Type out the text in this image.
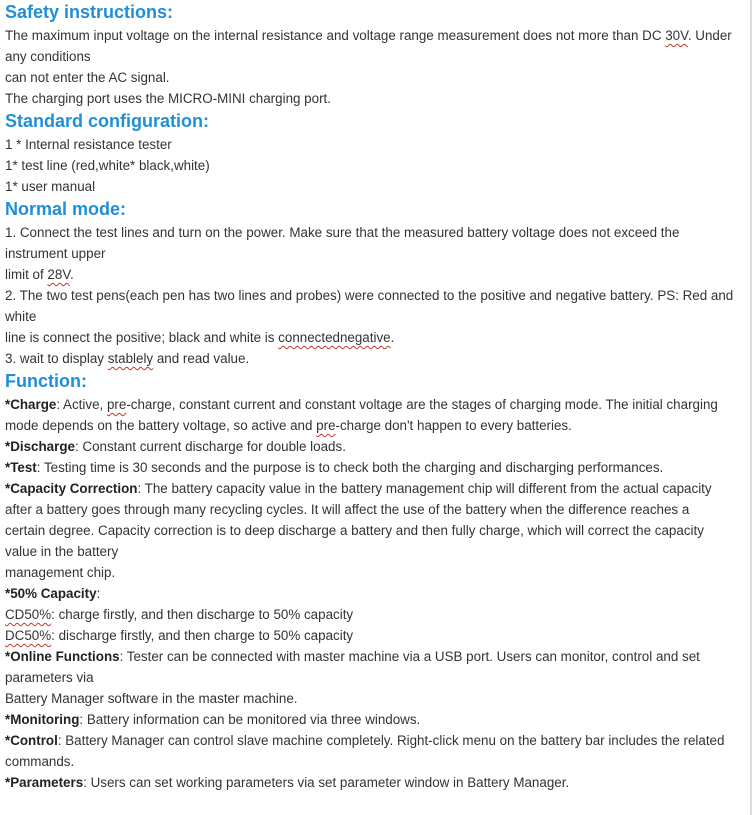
Safety instructions:

The maximum input voltage on the internal resistance and voltage range measurement does not more than DC 30V. Under

any conditions

can not enter the AC signal.

The charging port uses the MICRO-MINI charging port.

Standard configuration:

1 * Internal resistance tester

1* test line (red,white* black,white)

1* user manual

Normal mode:

1. Connect the test lines and turn on the power. Make sure that the measured battery voltage does not exceed the

instrument upper

limit of 28V.

2. The two test pens(each pen has two lines and probes) were connected to the positive and negative battery. PS: Red and

white

line is connect the positive; black and white is connectednegative.

3. wait to display stablely and read value.

Function:

*Charge: Active, pre-charge, constant current and constant voltage are the stages of charging mode. The initial charging

mode depends on the battery voltage, so active and pre-charge don't happen to every batteries.

*Discharge: Constant current discharge for double loads.

*Test: Testing time is 30 seconds and the purpose is to check both the charging and discharging performances.

*Capacity Correction: The battery capacity value in the battery management chip will different from the actual capacity

after a battery goes through many recycling cycles. It will affect the use of the battery when the difference reaches a

certain degree. Capacity correction is to deep discharge a battery and then fully charge, which will correct the capacity

value in the battery

management chip.

*50% Capacity:

CD50%: charge firstly, and then discharge to 50% capacity

DC50%: discharge firstly, and then charge to 50% capacity

*Online Functions: Tester can be connected with master machine via a USB port. Users can monitor, control and set

parameters via

Battery Manager software in the master machine.

*Monitoring: Battery information can be monitored via three windows.

*Control: Battery Manager can control slave machine completely. Right-click menu on the battery bar includes the related

commands.

*Parameters: Users can set working parameters via set parameter window in Battery Manager.
